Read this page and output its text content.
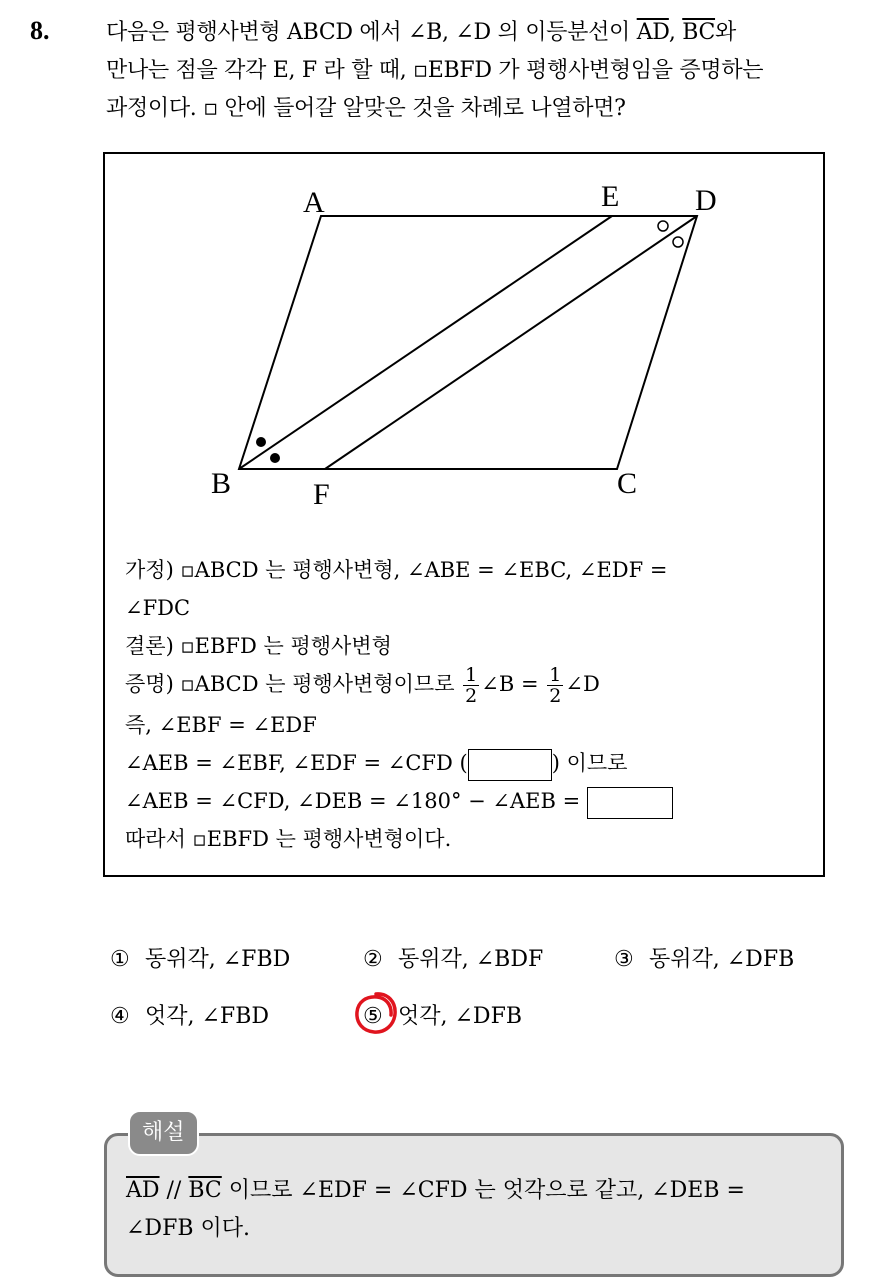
8.	다음은 평행사변형 ABCD 에서 ∠B, ∠D 의 이등분선이 $\overline{AD}$, $\overline{BC}$와
만나는 점을 각각 E, F 라 할 때, ▫EBFD 가 평행사변형임을 증명하는
과정이다. ▫ 안에 들어갈 알맞은 것을 차례로 나열하면?
A	E	D
B	F	C
가정) ▫ABCD 는 평행사변형, ∠ABE = ∠EBC, ∠EDF =
∠FDC
결론) ▫EBFD 는 평행사변형
증명) ▫ABCD 는 평행사변형이므로 $\frac{1}{2}$ ∠B = $\frac{1}{2}$ ∠D
즉, ∠EBF = ∠EDF
∠AEB = ∠EBF, ∠EDF = ∠CFD (	) 이므로
∠AEB = ∠CFD, ∠DEB = ∠180° − ∠AEB =
따라서 ▫EBFD 는 평행사변형이다.
① 동위각, ∠FBD	② 동위각, ∠BDF	③ 동위각, ∠DFB
④ 엇각, ∠FBD	⑤ 엇각, ∠DFB
해설
$\overline{AD} // \overline{BC}$ 이므로 ∠EDF = ∠CFD 는 엇각으로 같고, ∠DEB =
∠DFB 이다.
